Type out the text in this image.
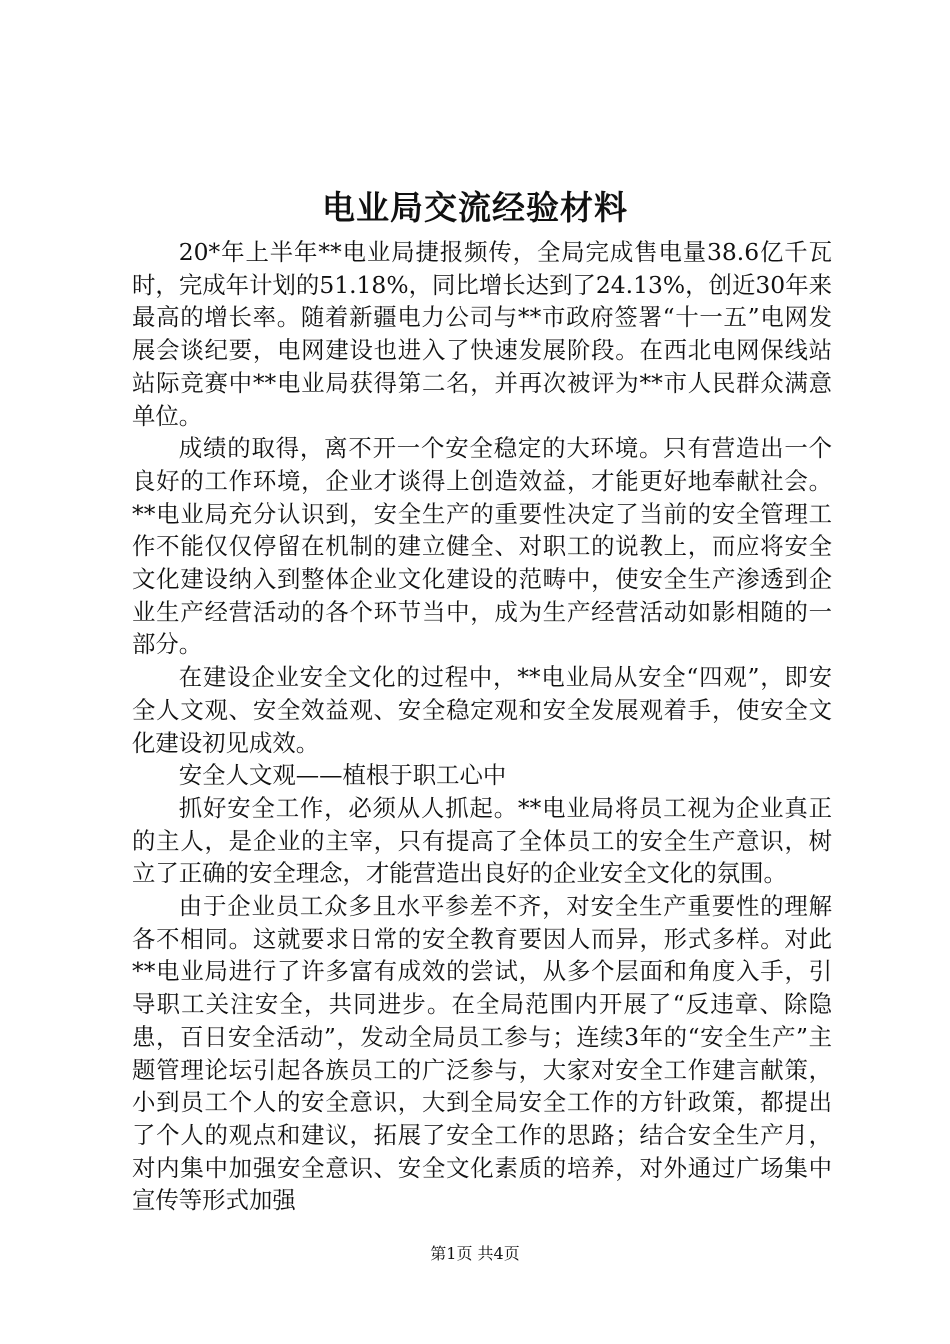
电业局交流经验材料

20*年上半年**电业局捷报频传，全局完成售电量38.6亿千瓦时，完成年计划的51.18%，同比增长达到了24.13%，创近30年来最高的增长率。随着新疆电力公司与**市政府签署“十一五”电网发展会谈纪要，电网建设也进入了快速发展阶段。在西北电网保线站站际竞赛中**电业局获得第二名，并再次被评为**市人民群众满意单位。

成绩的取得，离不开一个安全稳定的大环境。只有营造出一个良好的工作环境，企业才谈得上创造效益，才能更好地奉献社会。**电业局充分认识到，安全生产的重要性决定了当前的安全管理工作不能仅仅停留在机制的建立健全、对职工的说教上，而应将安全文化建设纳入到整体企业文化建设的范畴中，使安全生产渗透到企业生产经营活动的各个环节当中，成为生产经营活动如影相随的一部分。

在建设企业安全文化的过程中，**电业局从安全“四观”，即安全人文观、安全效益观、安全稳定观和安全发展观着手，使安全文化建设初见成效。

安全人文观——植根于职工心中

抓好安全工作，必须从人抓起。**电业局将员工视为企业真正的主人，是企业的主宰，只有提高了全体员工的安全生产意识，树立了正确的安全理念，才能营造出良好的企业安全文化的氛围。

由于企业员工众多且水平参差不齐，对安全生产重要性的理解各不相同。这就要求日常的安全教育要因人而异，形式多样。对此**电业局进行了许多富有成效的尝试，从多个层面和角度入手，引导职工关注安全，共同进步。在全局范围内开展了“反违章、除隐患，百日安全活动”，发动全局员工参与；连续3年的“安全生产”主题管理论坛引起各族员工的广泛参与，大家对安全工作建言献策，小到员工个人的安全意识，大到全局安全工作的方针政策，都提出了个人的观点和建议，拓展了安全工作的思路；结合安全生产月，对内集中加强安全意识、安全文化素质的培养，对外通过广场集中宣传等形式加强

第1页 共4页
